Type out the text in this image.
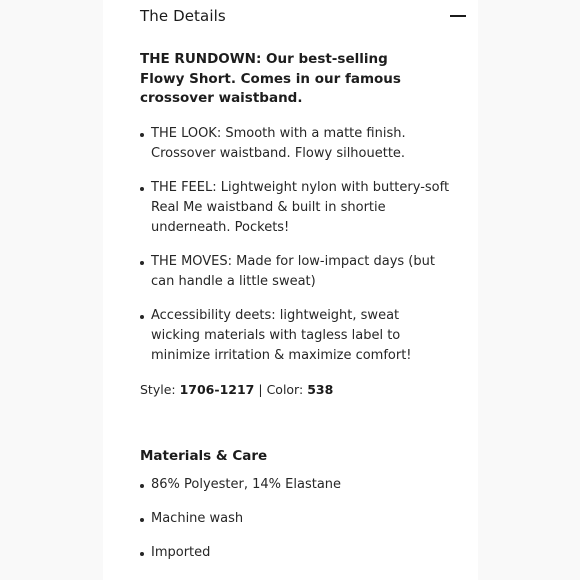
The Details

THE RUNDOWN: Our best-selling Flowy Short. Comes in our famous crossover waistband.

THE LOOK: Smooth with a matte finish. Crossover waistband. Flowy silhouette.
THE FEEL: Lightweight nylon with buttery-soft Real Me waistband & built in shortie underneath. Pockets!
THE MOVES: Made for low-impact days (but can handle a little sweat)
Accessibility deets: lightweight, sweat wicking materials with tagless label to minimize irritation & maximize comfort!
Style: 1706-1217 | Color: 538
Materials & Care
86% Polyester, 14% Elastane
Machine wash
Imported
